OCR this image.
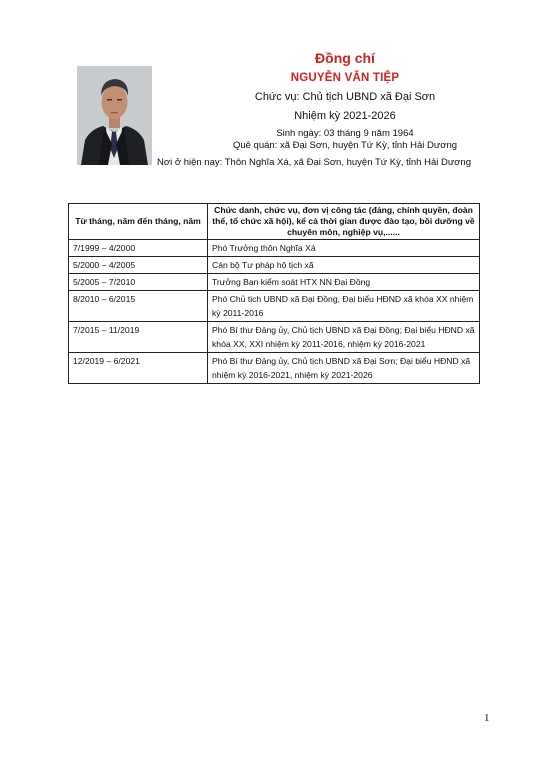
Đồng chí
NGUYỄN VĂN TIỆP
Chức vụ: Chủ tịch UBND xã Đại Sơn
Nhiệm kỳ 2021-2026
Sinh ngày: 03 tháng 9 năm 1964
Quê quán: xã Đại Sơn, huyện Tứ Kỳ, tỉnh Hải Dương
Nơi ở hiện nay: Thôn Nghĩa Xá, xã Đại Sơn, huyện Tứ Kỳ, tỉnh Hải Dương
Từ tháng, năm đến tháng, năm	Chức danh, chức vụ, đơn vị công tác (đảng, chính quyền, đoàn thể, tổ chức xã hội), kể cả thời gian được đào tạo, bồi dưỡng về chuyên môn, nghiệp vụ,......
7/1999 – 4/2000	Phó Trưởng thôn Nghĩa Xá
5/2000 – 4/2005	Cán bộ Tư pháp hộ tịch xã
5/2005 – 7/2010	Trưởng Ban kiểm soát HTX NN Đại Đồng
8/2010 – 6/2015	Phó Chủ tịch UBND xã Đại Đồng, Đại biểu HĐND xã khóa XX nhiệm kỳ 2011-2016
7/2015 – 11/2019	Phó Bí thư Đảng ủy, Chủ tịch UBND xã Đại Đồng; Đại biểu HĐND xã khóa XX, XXI nhiệm kỳ 2011-2016, nhiệm kỳ 2016-2021
12/2019 – 6/2021	Phó Bí thư Đảng ủy, Chủ tịch UBND xã Đại Sơn; Đại biểu HĐND xã nhiệm kỳ 2016-2021, nhiệm kỳ 2021-2026
1
